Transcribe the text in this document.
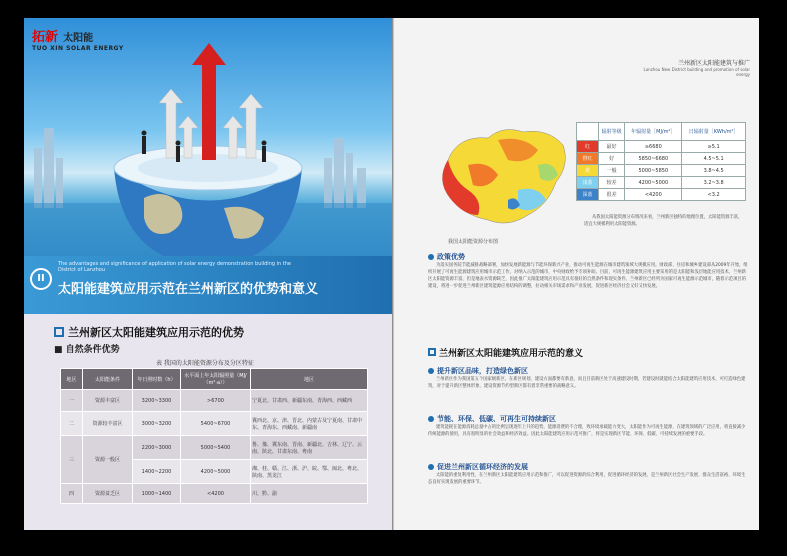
拓新 太阳能
TUO XIN SOLAR ENERGY
II
The advantages and significance of application of solar energy demonstration building in the District of Lanzhou
太阳能建筑应用示范在兰州新区的优势和意义
兰州新区太阳能建筑应用示范的优势
■ 自然条件优势
表 我国的太阳能资源分布及分区特征
地区	太阳能条件	年日照时数（h）	水平面上年太阳辐照量（MJ/（m²·a））	地区
一	资源丰富区	3200~3300	>6700	宁夏北、甘肃西、新疆东南、青海西、西藏西
二	资源较丰富区	3000~3200	5400~6700	冀西北、京、津、晋北、内蒙古及宁夏南、甘肃中东、青海东、西藏南、新疆南
三	资源一般区	2200~3000	5000~5400	鲁、豫、冀东南、晋南、新疆北、吉林、辽宁、云南、陕北、甘肃东南、粤南
		1400~2200	4200~5000	湘、桂、赣、江、浙、沪、皖、鄂、闽北、粤北、陕南、黑龙江
四	资源贫乏区	1000~1400	<4200	川、黔、渝
兰州新区太阳能建筑与推广
Lanzhou New District building and promotion of solar energy
我国太阳能资源分布图
	辐射等级	年辐射量［MJ/m²］	日辐射量［KWh/m²］
红	最好	≥6680	≥5.1
橙红	好	5850~6680	4.5~5.1
黄	一般	5000~5850	3.8~4.5
浅蓝	较差	4200~5000	3.2~3.8
深蓝	很差	<4200	<3.2
从我国太阳能资源分布情况来看，兰州新区独特的地理位置，太阳能资源丰富，适宜大规模利用太阳能资源。
政策优势
为落实国务院节能减排战略部署，加快发展新能源与节能环保新兴产业，推动可再生能源在城市建筑领域大规模应用。财政部、住房和城乡建设部从2009年开始，组织开展了可再生能源建筑应用城市示范工作，对纳入示范的城市，中央财政给予专项补助。目前，可再生能源建筑应用主要采用的是太阳能和浅层地能应用技术，兰州新区太阳能资源丰富，但是地表水资源缺乏，因此推广太阳能建筑应用示范具有很好的自然条件和现实条件。兰州新区已经列为国家可再生能源示范城市，随着示范项目的建设，将进一步促进兰州新区建筑能源应用结构的调整，拉动相关市场需求和产业发展，促进新区经济社会又好又快发展。
兰州新区太阳能建筑应用示范的意义
提升新区品味，打造绿色新区
兰州新区作为我国第五个国家级新区，在新区规划、建设方面都要有新意，而且目前新区处于高速建设时期，若建设时就能结合太阳能建筑应用技术，可打造绿色建筑，对于提升新区整体形象、建设资源节约型新区都有着非常重要的战略意义。
节能、环保、低碳、可再生可持续新区
建筑能耗在能源消耗总量中占的比例呈现逐年上升的趋势，能源消费的不合理，致环境承载能力变大，太阳能作为可再生能源，在建筑领域的广泛应用，将直接减少传统能源的使用，具有很明显的社会效益和经济效益。因此太阳能建筑应用示范可推广，将是实现新区节能、环保、低碳、可持续发展的重要手段。
促进兰州新区循环经济的发展
太阳能的重复利用性，在兰州新区太阳能建筑应用示范和推广，可以促进资源的综合利用，促进循环经济的发展，是兰州新区社会生产发展、群众生活富裕、环境生态良好实现发展的重要环节。
